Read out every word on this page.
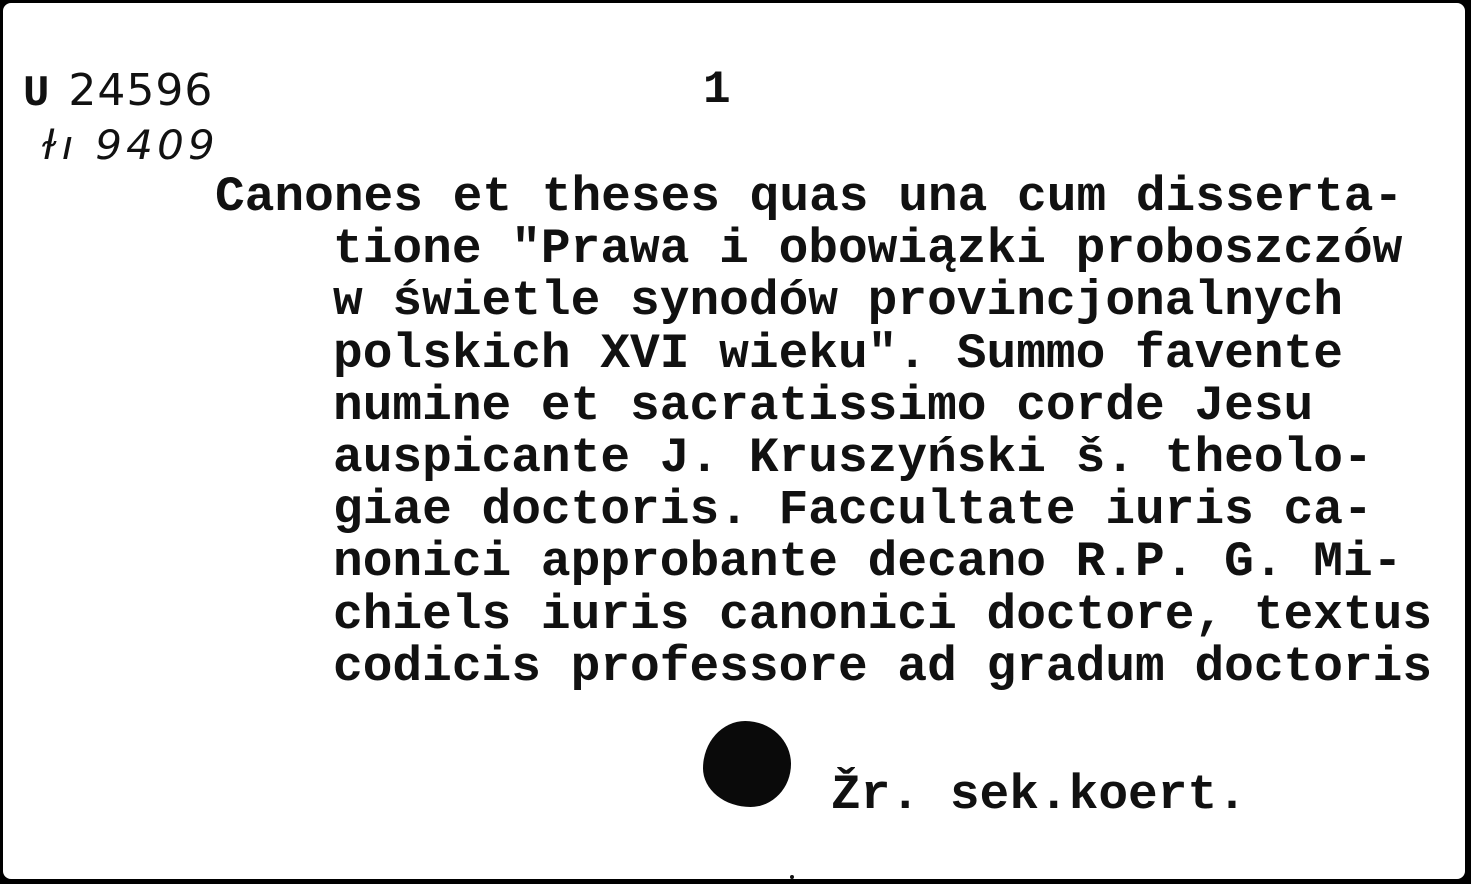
U 24596
ɫı 9409
1
Canones et theses quas una cum disserta-
tione "Prawa i obowiązki proboszczów
w świetle synodów provincjonalnych
polskich XVI wieku". Summo favente
numine et sacratissimo corde Jesu
auspicante J. Kruszyński š. theolo-
giae doctoris. Faccultate iuris ca-
nonici approbante decano R.P. G. Mi-
chiels iuris canonici doctore, textus
codicis professore ad gradum doctoris
Žr. sek.koert.
